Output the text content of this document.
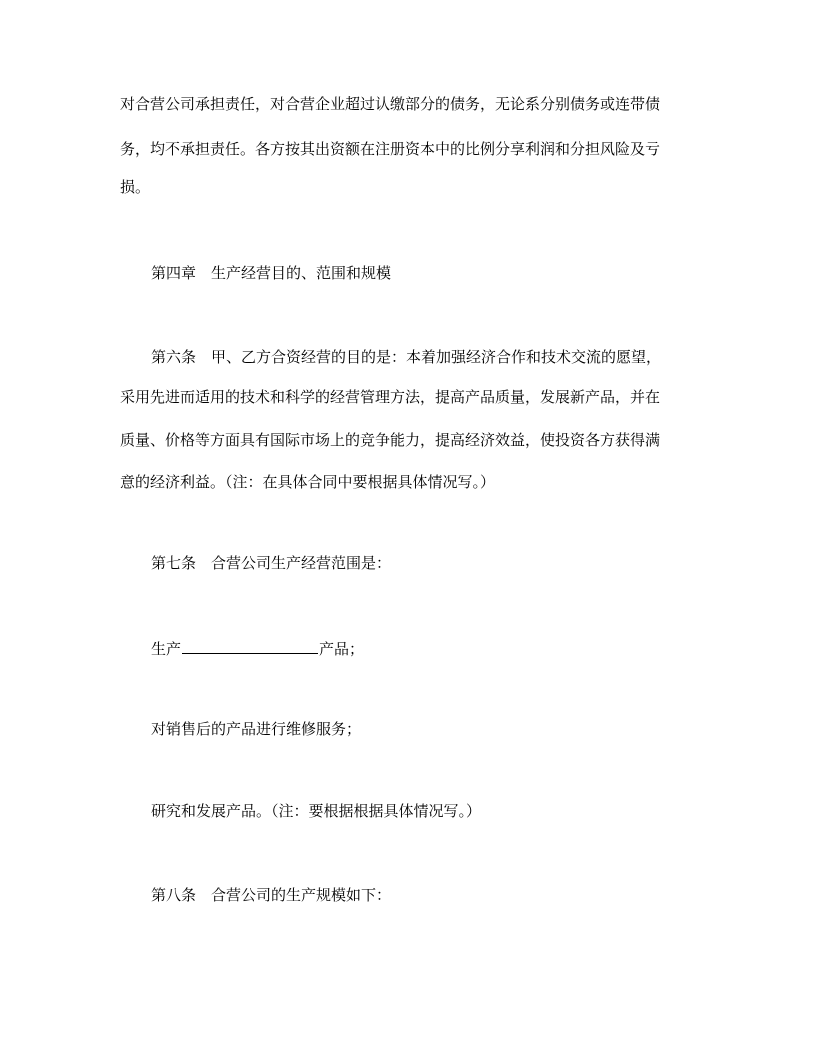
对合营公司承担责任，对合营企业超过认缴部分的债务，无论系分别债务或连带债
务，均不承担责任。各方按其出资额在注册资本中的比例分享利润和分担风险及亏
损。
第四章　生产经营目的、范围和规模
第六条　甲、乙方合资经营的目的是：本着加强经济合作和技术交流的愿望，
采用先进而适用的技术和科学的经营管理方法，提高产品质量，发展新产品，并在
质量、价格等方面具有国际市场上的竞争能力，提高经济效益，使投资各方获得满
意的经济利益。（注：在具体合同中要根据具体情况写。）
第七条　合营公司生产经营范围是：
生产	产品；
对销售后的产品进行维修服务；
研究和发展产品。（注：要根据根据具体情况写。）
第八条　合营公司的生产规模如下：
